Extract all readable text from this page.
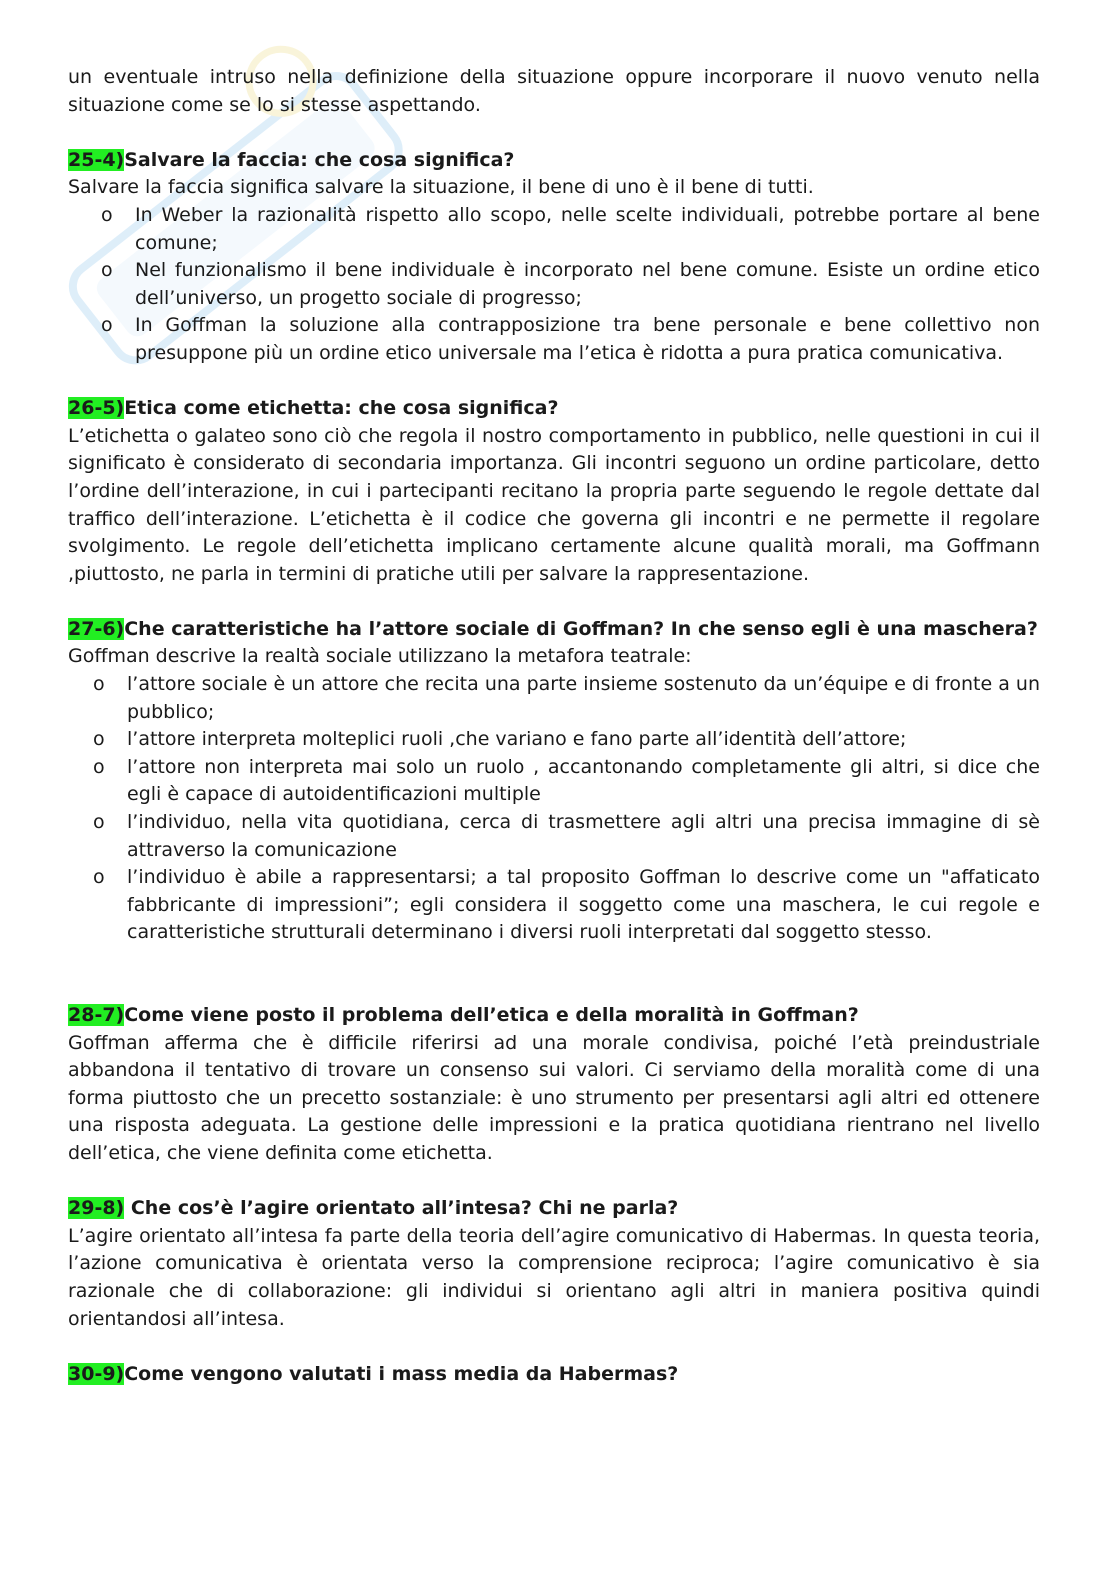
un eventuale intruso nella definizione della situazione oppure incorporare il nuovo venuto nella situazione come se lo si stesse aspettando.

25-4)Salvare la faccia: che cosa significa?

Salvare la faccia significa salvare la situazione, il bene di uno è il bene di tutti.

o In Weber la razionalità rispetto allo scopo, nelle scelte individuali, potrebbe portare al bene comune;
o Nel funzionalismo il bene individuale è incorporato nel bene comune. Esiste un ordine etico dell’universo, un progetto sociale di progresso;
o In Goffman la soluzione alla contrapposizione tra bene personale e bene collettivo non presuppone più un ordine etico universale ma l’etica è ridotta a pura pratica comunicativa.
26-5)Etica come etichetta: che cosa significa?

L’etichetta o galateo sono ciò che regola il nostro comportamento in pubblico, nelle questioni in cui il significato è considerato di secondaria importanza. Gli incontri seguono un ordine particolare, detto l’ordine dell’interazione, in cui i partecipanti recitano la propria parte seguendo le regole dettate dal traffico dell’interazione. L’etichetta è il codice che governa gli incontri e ne permette il regolare svolgimento. Le regole dell’etichetta implicano certamente alcune qualità morali, ma Goffmann ,piuttosto, ne parla in termini di pratiche utili per salvare la rappresentazione.

27-6)Che caratteristiche ha l’attore sociale di Goffman? In che senso egli è una maschera?

Goffman descrive la realtà sociale utilizzano la metafora teatrale:

o l’attore sociale è un attore che recita una parte insieme sostenuto da un’équipe e di fronte a un pubblico;
o l’attore interpreta molteplici ruoli ,che variano e fano parte all’identità dell’attore;
o l’attore non interpreta mai solo un ruolo , accantonando completamente gli altri, si dice che egli è capace di autoidentificazioni multiple
o l’individuo, nella vita quotidiana, cerca di trasmettere agli altri una precisa immagine di sè attraverso la comunicazione
o l’individuo è abile a rappresentarsi; a tal proposito Goffman lo descrive come un "affaticato fabbricante di impressioni”; egli considera il soggetto come una maschera, le cui regole e caratteristiche strutturali determinano i diversi ruoli interpretati dal soggetto stesso.
28-7)Come viene posto il problema dell’etica e della moralità in Goffman?

Goffman afferma che è difficile riferirsi ad una morale condivisa, poiché l’età preindustriale abbandona il tentativo di trovare un consenso sui valori. Ci serviamo della moralità come di una forma piuttosto che un precetto sostanziale: è uno strumento per presentarsi agli altri ed ottenere una risposta adeguata. La gestione delle impressioni e la pratica quotidiana rientrano nel livello dell’etica, che viene definita come etichetta.

29-8) Che cos’è l’agire orientato all’intesa? Chi ne parla?

L’agire orientato all’intesa fa parte della teoria dell’agire comunicativo di Habermas. In questa teoria, l’azione comunicativa è orientata verso la comprensione reciproca; l’agire comunicativo è sia razionale che di collaborazione: gli individui si orientano agli altri in maniera positiva quindi orientandosi all’intesa.

30-9)Come vengono valutati i mass media da Habermas?
